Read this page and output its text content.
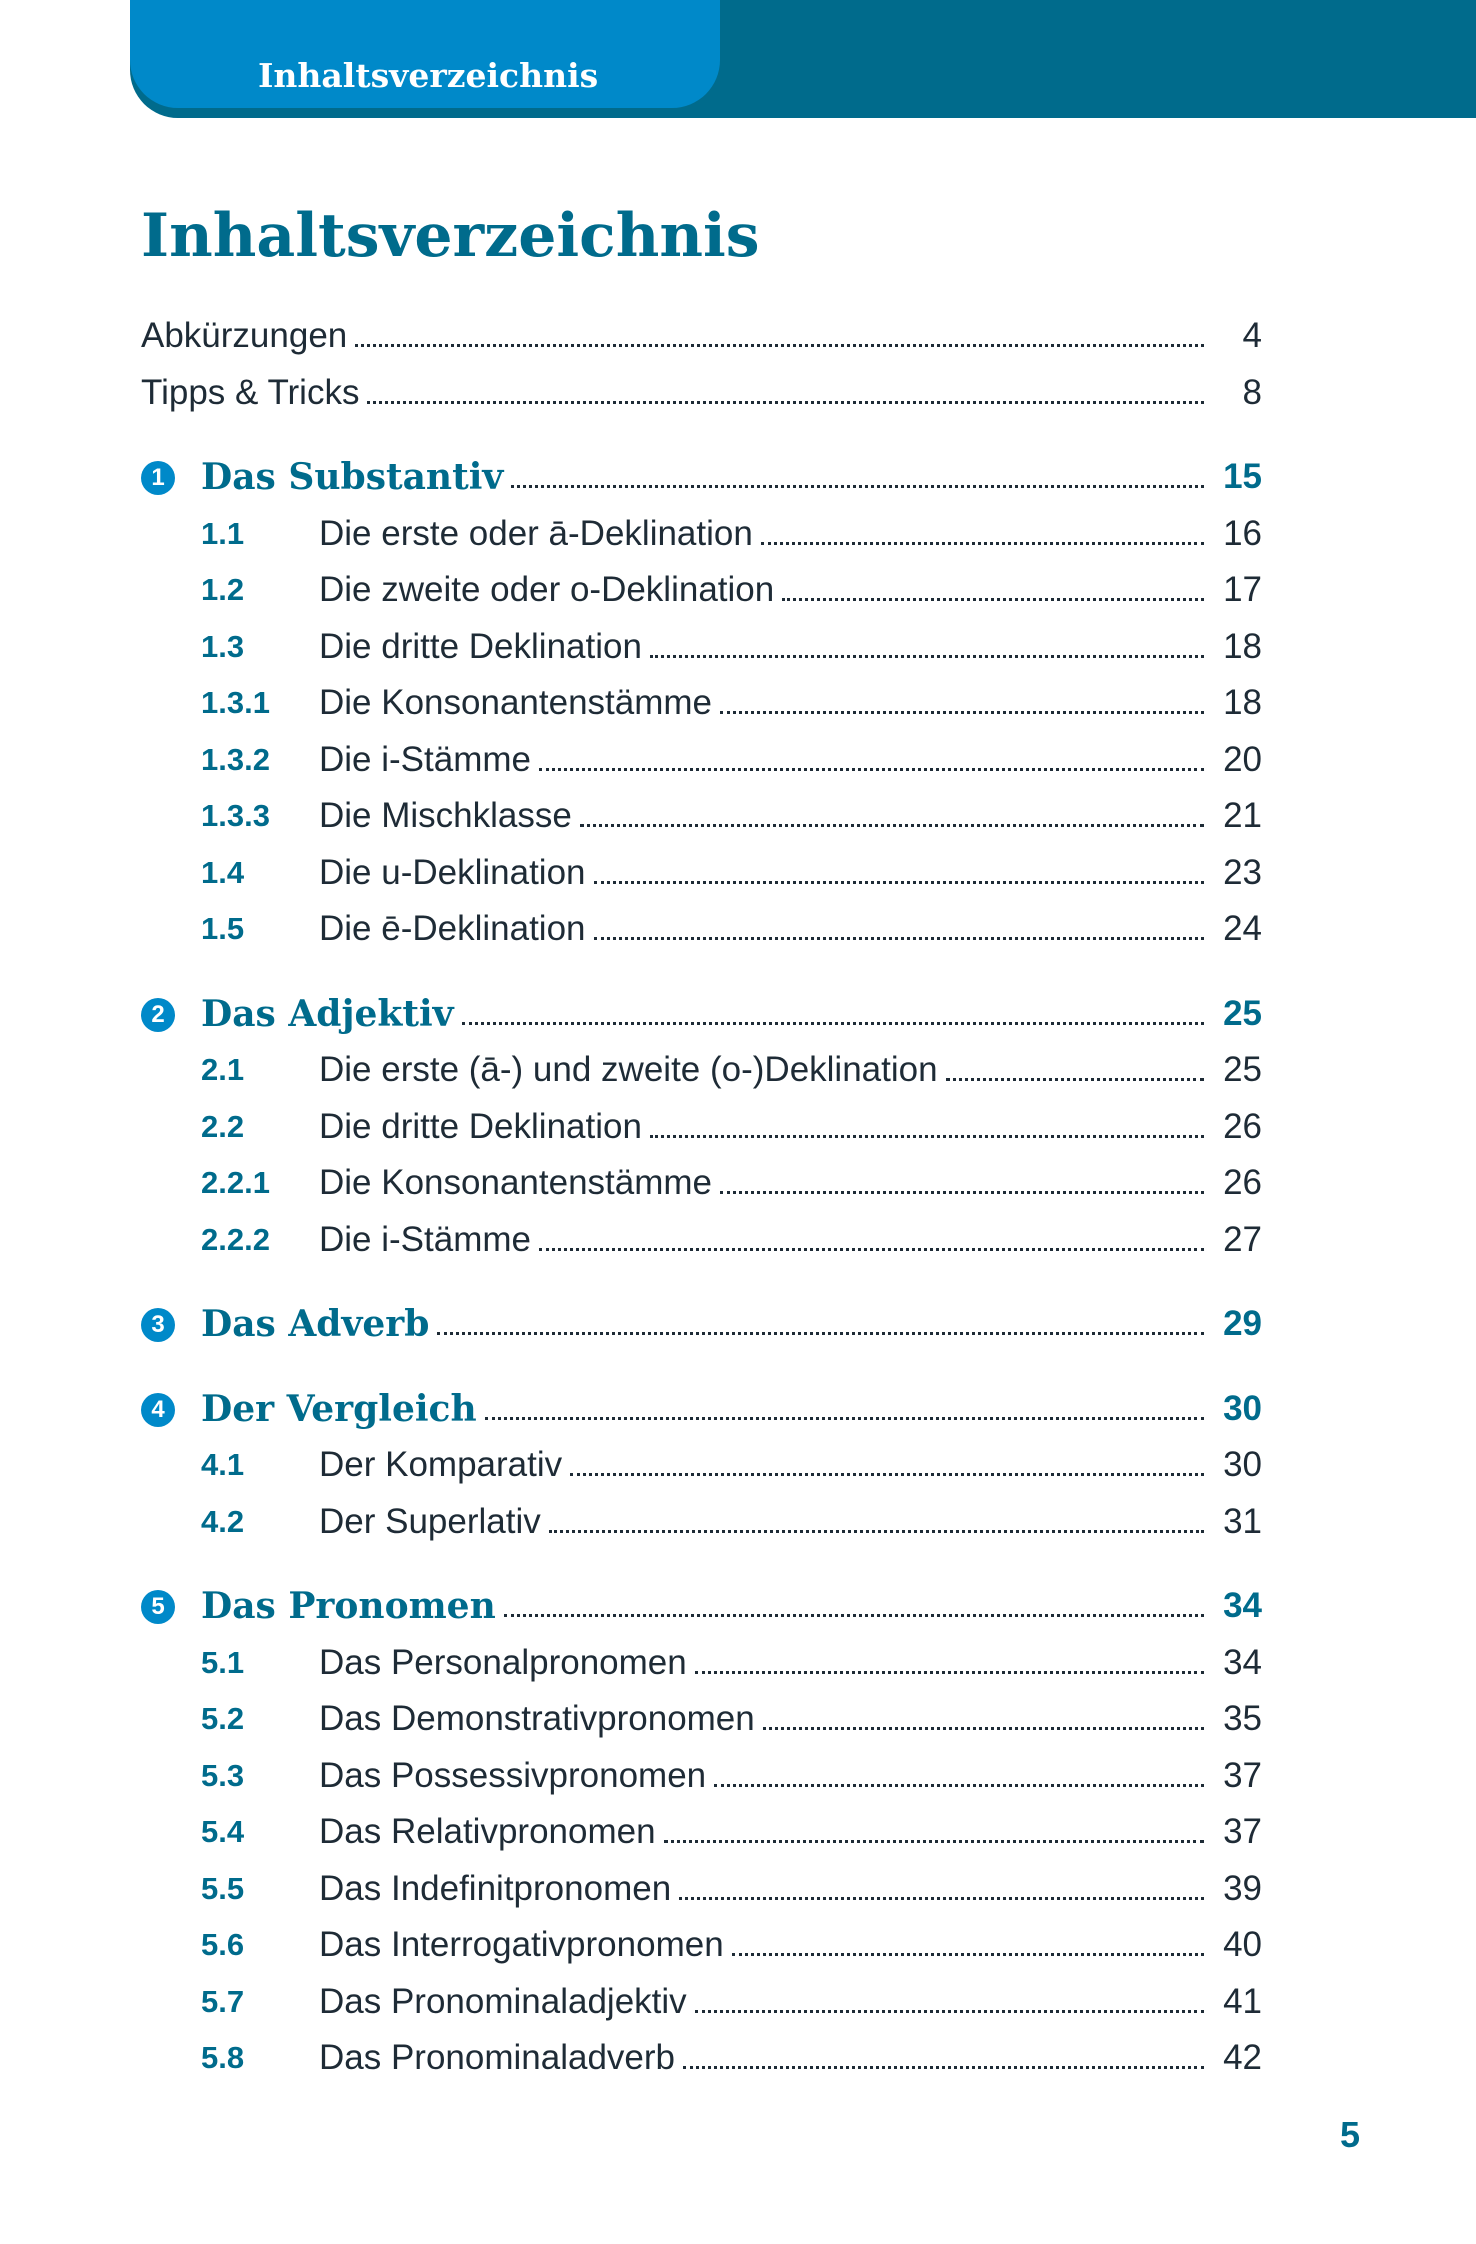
Inhaltsverzeichnis
Inhaltsverzeichnis
Abkürzungen	4
Tipps & Tricks	8
1	Das Substantiv	15
1.1	Die erste oder ā-Deklination	16
1.2	Die zweite oder o-Deklination	17
1.3	Die dritte Deklination	18
1.3.1	Die Konsonantenstämme	18
1.3.2	Die i-Stämme	20
1.3.3	Die Mischklasse	21
1.4	Die u-Deklination	23
1.5	Die ē-Deklination	24
2	Das Adjektiv	25
2.1	Die erste (ā-) und zweite (o-)Deklination	25
2.2	Die dritte Deklination	26
2.2.1	Die Konsonantenstämme	26
2.2.2	Die i-Stämme	27
3	Das Adverb	29
4	Der Vergleich	30
4.1	Der Komparativ	30
4.2	Der Superlativ	31
5	Das Pronomen	34
5.1	Das Personalpronomen	34
5.2	Das Demonstrativpronomen	35
5.3	Das Possessivpronomen	37
5.4	Das Relativpronomen	37
5.5	Das Indefinitpronomen	39
5.6	Das Interrogativpronomen	40
5.7	Das Pronominaladjektiv	41
5.8	Das Pronominaladverb	42
5
